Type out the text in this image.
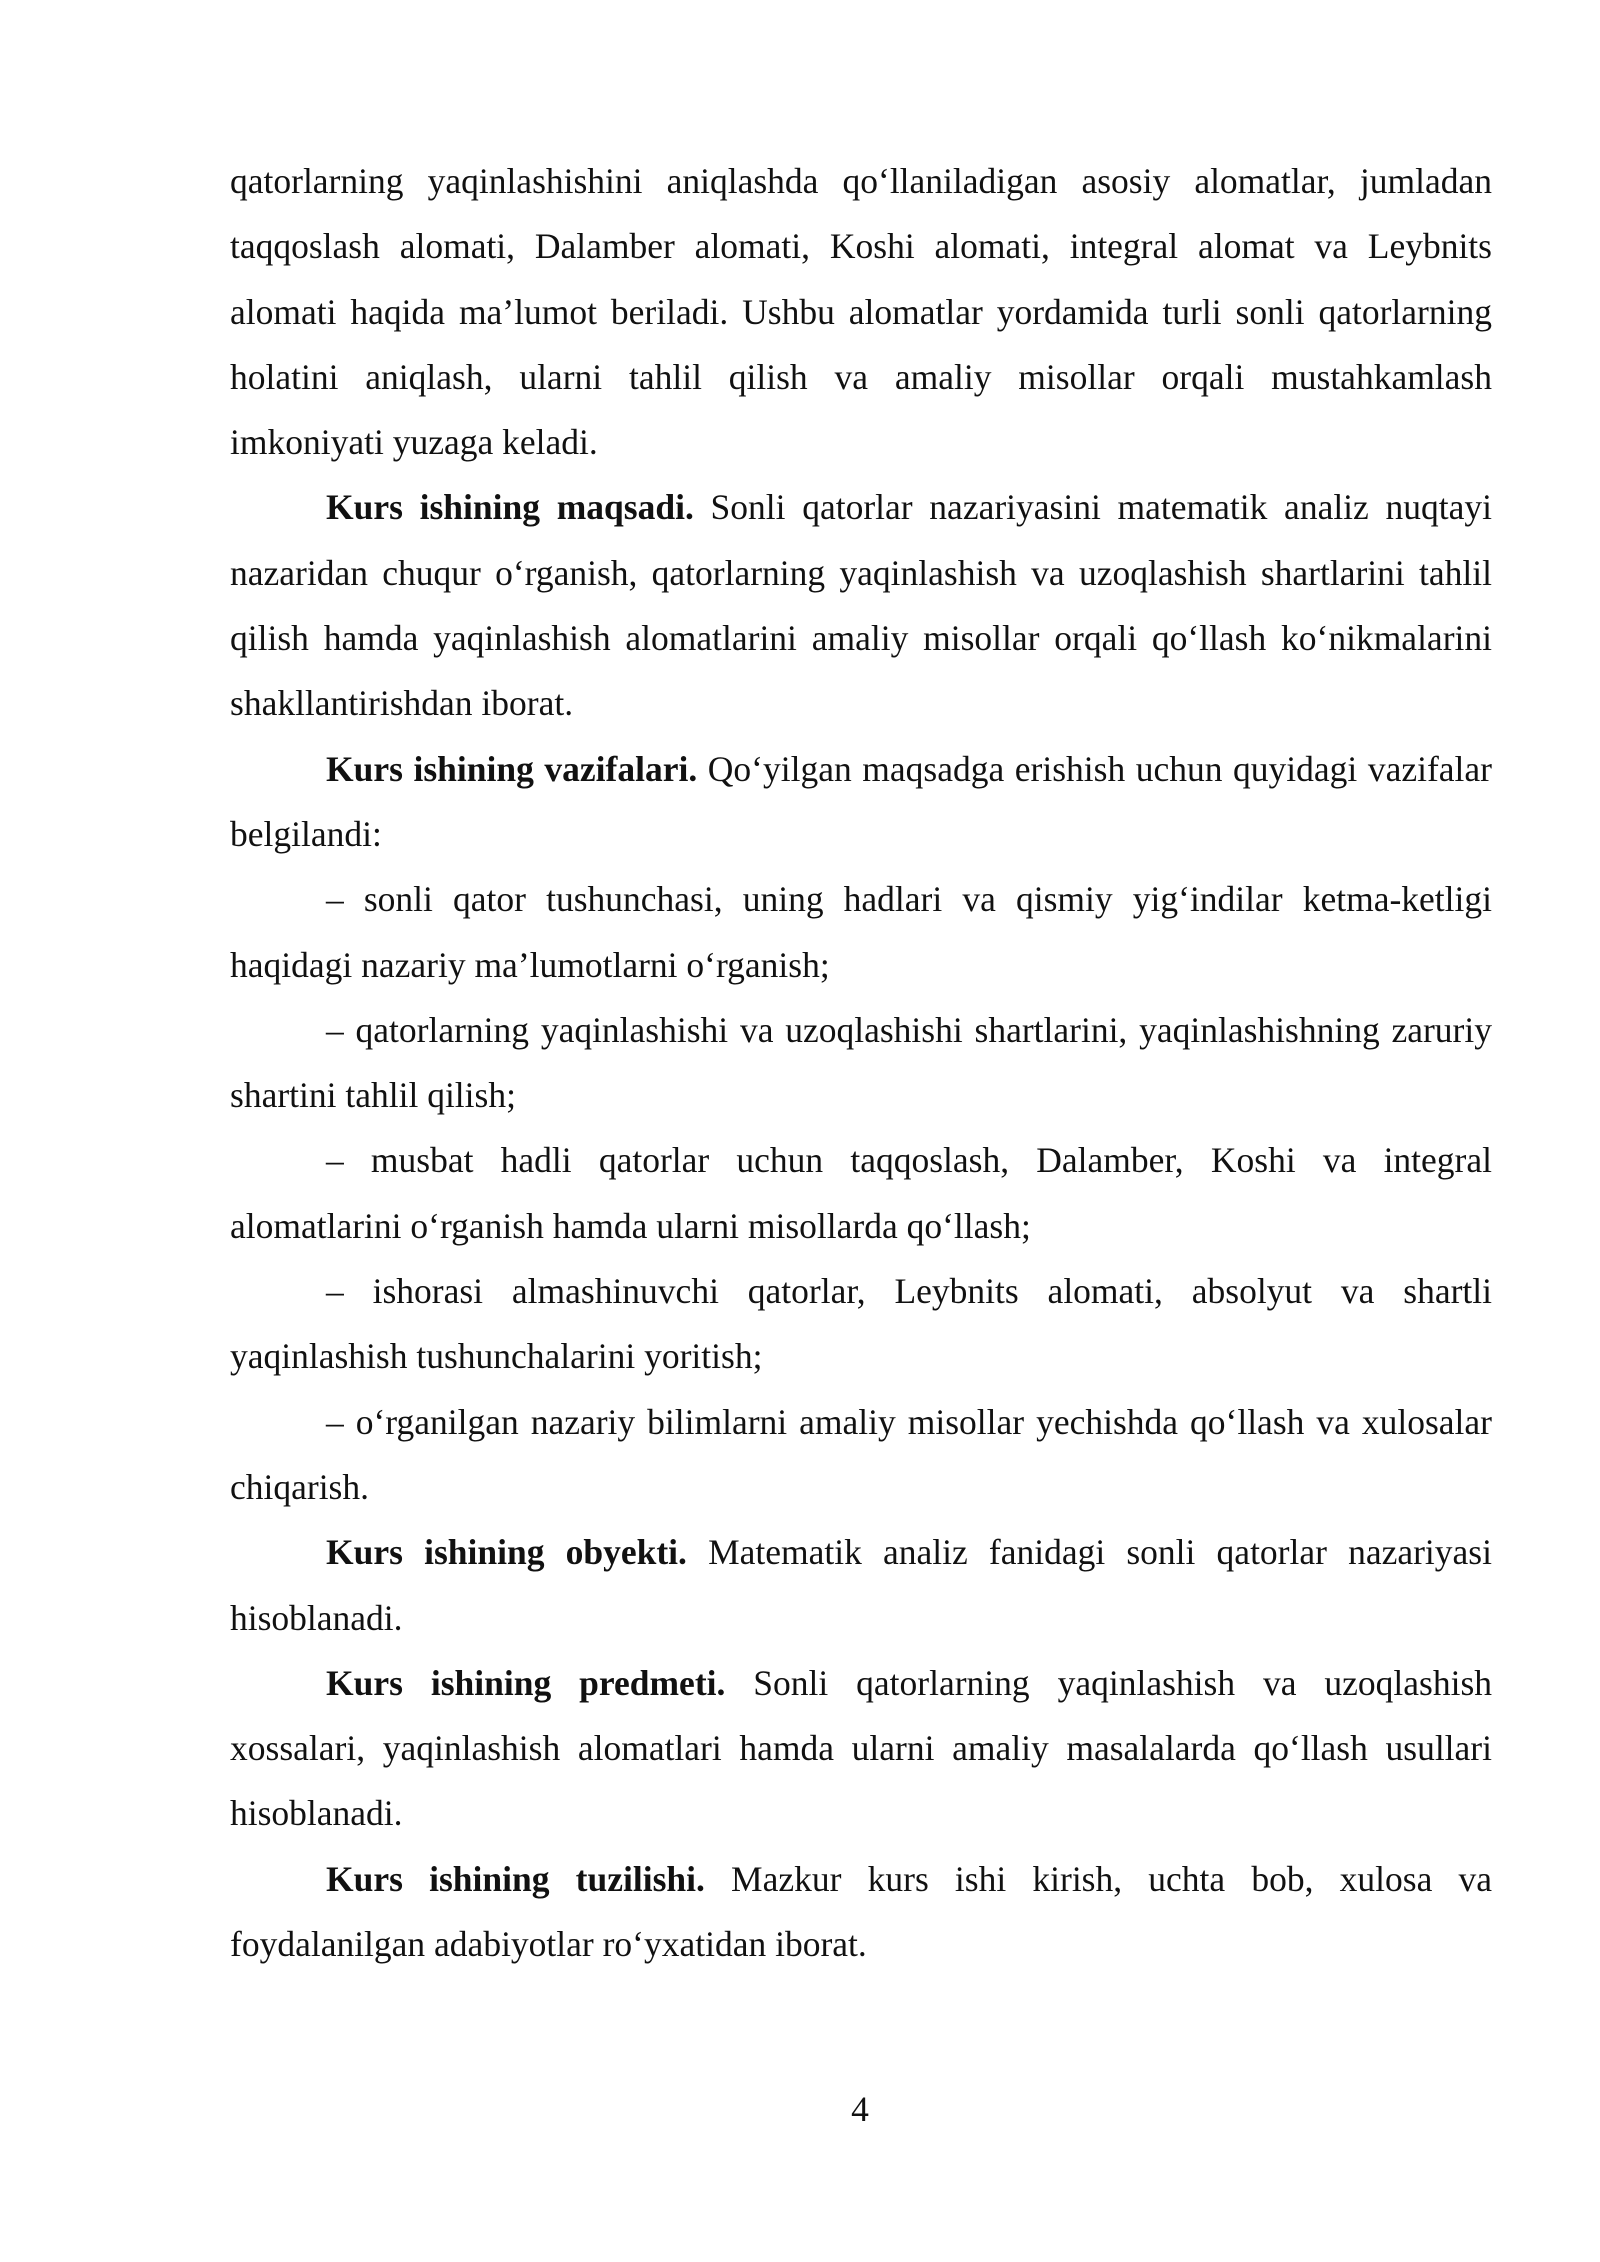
qatorlarning yaqinlashishini aniqlashda qo‘llaniladigan asosiy alomatlar, jumladan taqqoslash alomati, Dalamber alomati, Koshi alomati, integral alomat va Leybnits alomati haqida ma’lumot beriladi. Ushbu alomatlar yordamida turli sonli qatorlarning holatini aniqlash, ularni tahlil qilish va amaliy misollar orqali mustahkamlash imkoniyati yuzaga keladi.

Kurs ishining maqsadi. Sonli qatorlar nazariyasini matematik analiz nuqtayi nazaridan chuqur o‘rganish, qatorlarning yaqinlashish va uzoqlashish shartlarini tahlil qilish hamda yaqinlashish alomatlarini amaliy misollar orqali qo‘llash ko‘nikmalarini shakllantirishdan iborat.

Kurs ishining vazifalari. Qo‘yilgan maqsadga erishish uchun quyidagi vazifalar belgilandi:

– sonli qator tushunchasi, uning hadlari va qismiy yig‘indilar ketma-ketligi haqidagi nazariy ma’lumotlarni o‘rganish;

– qatorlarning yaqinlashishi va uzoqlashishi shartlarini, yaqinlashishning zaruriy shartini tahlil qilish;

– musbat hadli qatorlar uchun taqqoslash, Dalamber, Koshi va integral alomatlarini o‘rganish hamda ularni misollarda qo‘llash;

– ishorasi almashinuvchi qatorlar, Leybnits alomati, absolyut va shartli yaqinlashish tushunchalarini yoritish;

– o‘rganilgan nazariy bilimlarni amaliy misollar yechishda qo‘llash va xulosalar chiqarish.

Kurs ishining obyekti. Matematik analiz fanidagi sonli qatorlar nazariyasi hisoblanadi.

Kurs ishining predmeti. Sonli qatorlarning yaqinlashish va uzoqlashish xossalari, yaqinlashish alomatlari hamda ularni amaliy masalalarda qo‘llash usullari hisoblanadi.

Kurs ishining tuzilishi. Mazkur kurs ishi kirish, uchta bob, xulosa va foydalanilgan adabiyotlar ro‘yxatidan iborat.

4
